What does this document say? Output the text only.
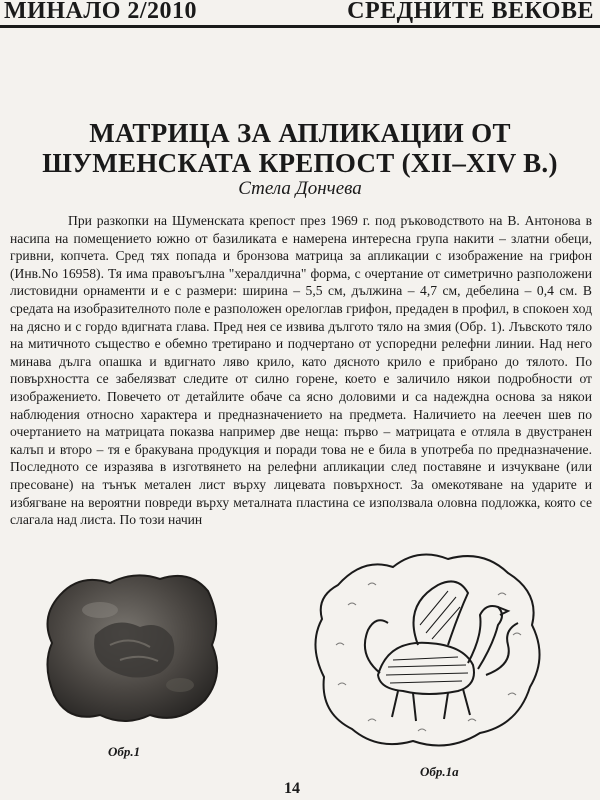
МИНАЛО 2/2010	СРЕДНИТЕ ВЕКОВЕ
МАТРИЦА ЗА АПЛИКАЦИИ ОТ
ШУМЕНСКАТА КРЕПОСТ (XII–XIV В.)
Стела Дончева

При разкопки на Шуменската крепост през 1969 г. под ръководството на В. Антонова в насипа на помещението южно от базиликата е намерена интересна група накити – златни обеци, гривни, копчета. Сред тях попада и бронзова матрица за апликации с изображение на грифон (Инв.No 16958). Тя има правоъгълна "хералдична" форма, с очертание от симетрично разположени листовидни орнаменти и е с размери: ширина – 5,5 см, дължина – 4,7 см, дебелина – 0,4 см. В средата на изобразителното поле е разположен орелоглав грифон, предаден в профил, в спокоен ход на дясно и с гордо вдигната глава. Пред нея се извива дългото тяло на змия (Обр. 1). Лъвското тяло на митичното същество е обемно третирано и подчертано от успоредни релефни линии. Над него минава дълга опашка и вдигнато ляво крило, като дясното крило е прибрано до тялото. По повърхността се забелязват следите от силно горене, което е заличило някои подробности от изображението. Повечето от детайлите обаче са ясно доловими и са надеждна основа за някои наблюдения относно характера и предназначението на предмета. Наличието на леечен шев по очертанието на матрицата показва например две неща: първо – матрицата е отляла в двустранен калъп и второ – тя е бракувана продукция и поради това не е била в употреба по предназначение. Последното се изразява в изготвянето на релефни апликации след поставяне и изчукване (или пресоване) на тънък метален лист върху лицевата повърхност. За омекотяване на ударите и избягване на вероятни повреди върху металната пластина се използвала оловна подложка, която се слагала над листа. По този начин

Обр.1
Обр.1а
14
